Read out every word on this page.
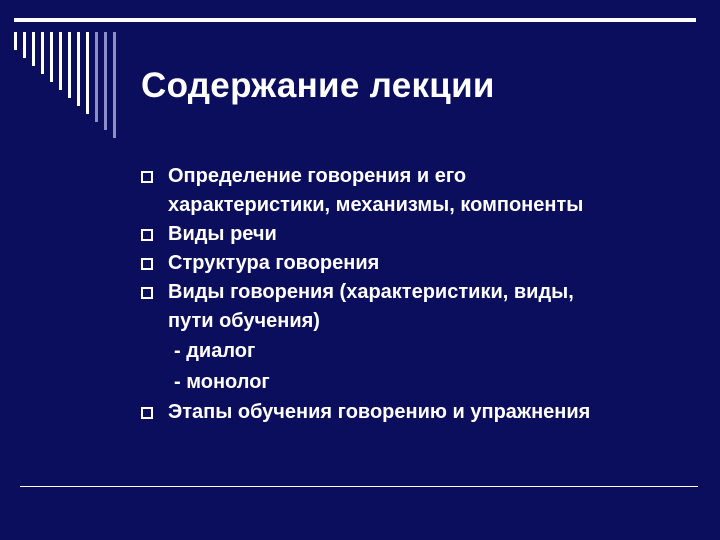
Содержание лекции
Определение говорения и его
характеристики, механизмы, компоненты
Виды речи
Структура говорения
Виды говорения (характеристики, виды,
пути обучения)
- диалог
- монолог
Этапы обучения говорению и упражнения
